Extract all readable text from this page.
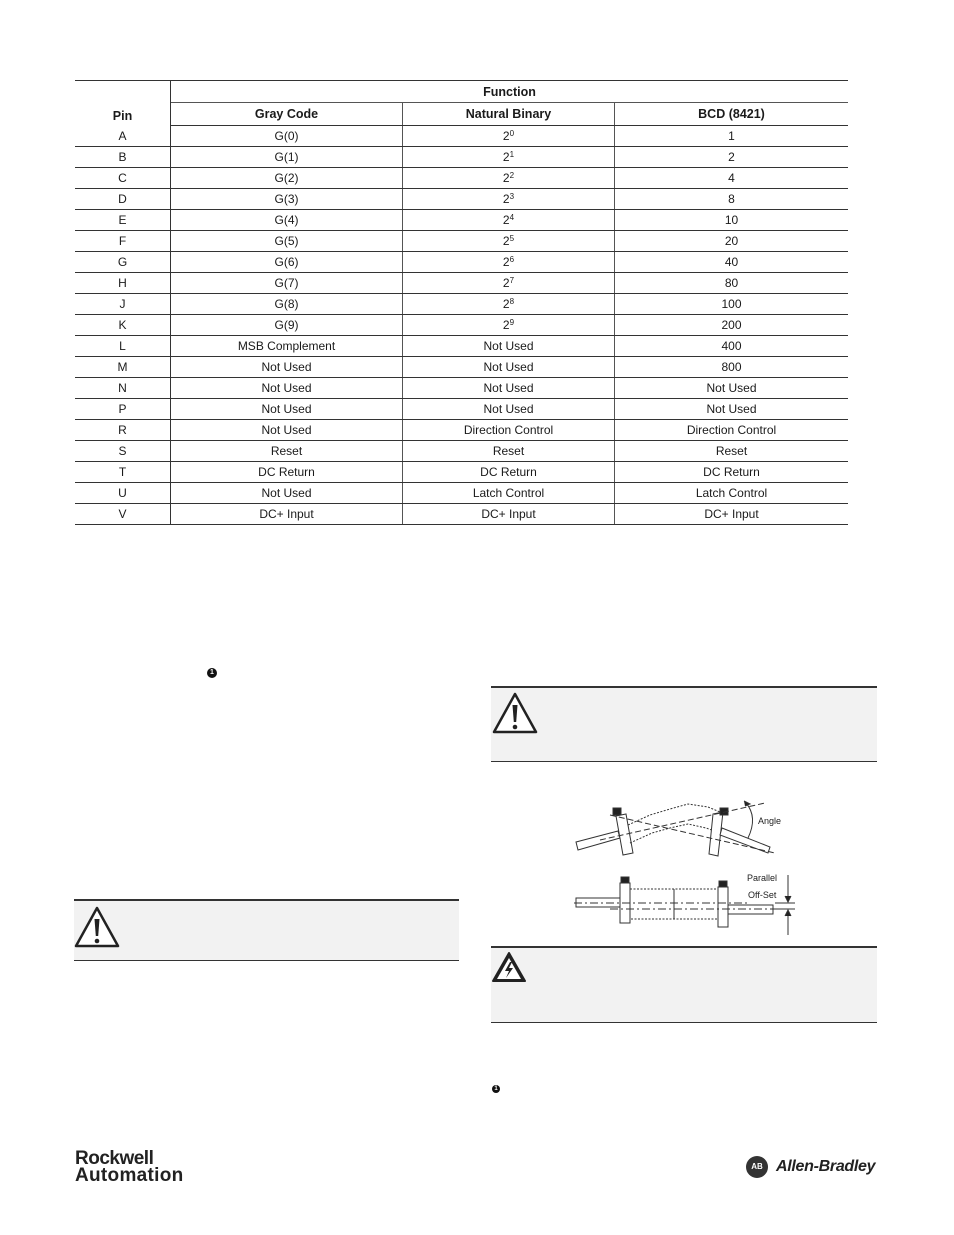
Pin	Function		
	Gray Code	Natural Binary	BCD (8421)
A	G(0)	$2^0$	1
B	G(1)	$2^1$	2
C	G(2)	$2^2$	4
D	G(3)	$2^3$	8
E	G(4)	$2^4$	10
F	G(5)	$2^5$	20
G	G(6)	$2^6$	40
H	G(7)	$2^7$	80
J	G(8)	$2^8$	100
K	G(9)	$2^9$	200
L	MSB Complement	Not Used	400
M	Not Used	Not Used	800
N	Not Used	Not Used	Not Used
P	Not Used	Not Used	Not Used
R	Not Used	Direction Control	Direction Control
S	Reset	Reset	Reset
T	DC Return	DC Return	DC Return
U	Not Used	Latch Control	Latch Control
V	DC+ Input	DC+ Input	DC+ Input
1
Angle
Parallel
Off-Set
1
Rockwell
Automation	AB Allen-Bradley
